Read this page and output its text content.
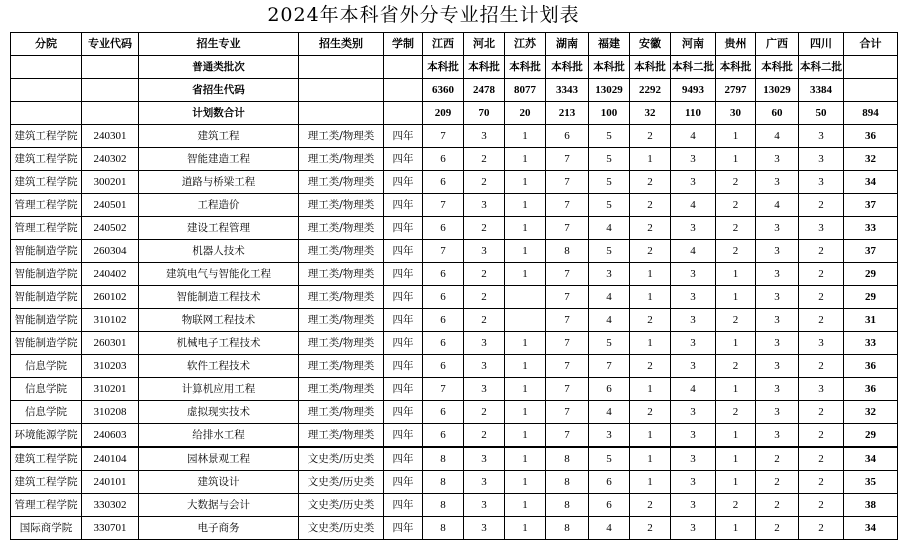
2024年本科省外分专业招生计划表
分院	专业代码	招生专业	招生类别	学制	江西	河北	江苏	湖南	福建	安徽	河南	贵州	广西	四川	合计
		普通类批次			本科批	本科批	本科批	本科批	本科批	本科批	本科二批	本科批	本科批	本科二批	
		省招生代码			6360	2478	8077	3343	13029	2292	9493	2797	13029	3384	
		计划数合计			209	70	20	213	100	32	110	30	60	50	894
建筑工程学院	240301	建筑工程	理工类/物理类	四年	7	3	1	6	5	2	4	1	4	3	36
建筑工程学院	240302	智能建造工程	理工类/物理类	四年	6	2	1	7	5	1	3	1	3	3	32
建筑工程学院	300201	道路与桥梁工程	理工类/物理类	四年	6	2	1	7	5	2	3	2	3	3	34
管理工程学院	240501	工程造价	理工类/物理类	四年	7	3	1	7	5	2	4	2	4	2	37
管理工程学院	240502	建设工程管理	理工类/物理类	四年	6	2	1	7	4	2	3	2	3	3	33
智能制造学院	260304	机器人技术	理工类/物理类	四年	7	3	1	8	5	2	4	2	3	2	37
智能制造学院	240402	建筑电气与智能化工程	理工类/物理类	四年	6	2	1	7	3	1	3	1	3	2	29
智能制造学院	260102	智能制造工程技术	理工类/物理类	四年	6	2		7	4	1	3	1	3	2	29
智能制造学院	310102	物联网工程技术	理工类/物理类	四年	6	2		7	4	2	3	2	3	2	31
智能制造学院	260301	机械电子工程技术	理工类/物理类	四年	6	3	1	7	5	1	3	1	3	3	33
信息学院	310203	软件工程技术	理工类/物理类	四年	6	3	1	7	7	2	3	2	3	2	36
信息学院	310201	计算机应用工程	理工类/物理类	四年	7	3	1	7	6	1	4	1	3	3	36
信息学院	310208	虚拟现实技术	理工类/物理类	四年	6	2	1	7	4	2	3	2	3	2	32
环境能源学院	240603	给排水工程	理工类/物理类	四年	6	2	1	7	3	1	3	1	3	2	29
建筑工程学院	240104	园林景观工程	文史类/历史类	四年	8	3	1	8	5	1	3	1	2	2	34
建筑工程学院	240101	建筑设计	文史类/历史类	四年	8	3	1	8	6	1	3	1	2	2	35
管理工程学院	330302	大数据与会计	文史类/历史类	四年	8	3	1	8	6	2	3	2	2	2	38
国际商学院	330701	电子商务	文史类/历史类	四年	8	3	1	8	4	2	3	1	2	2	34
